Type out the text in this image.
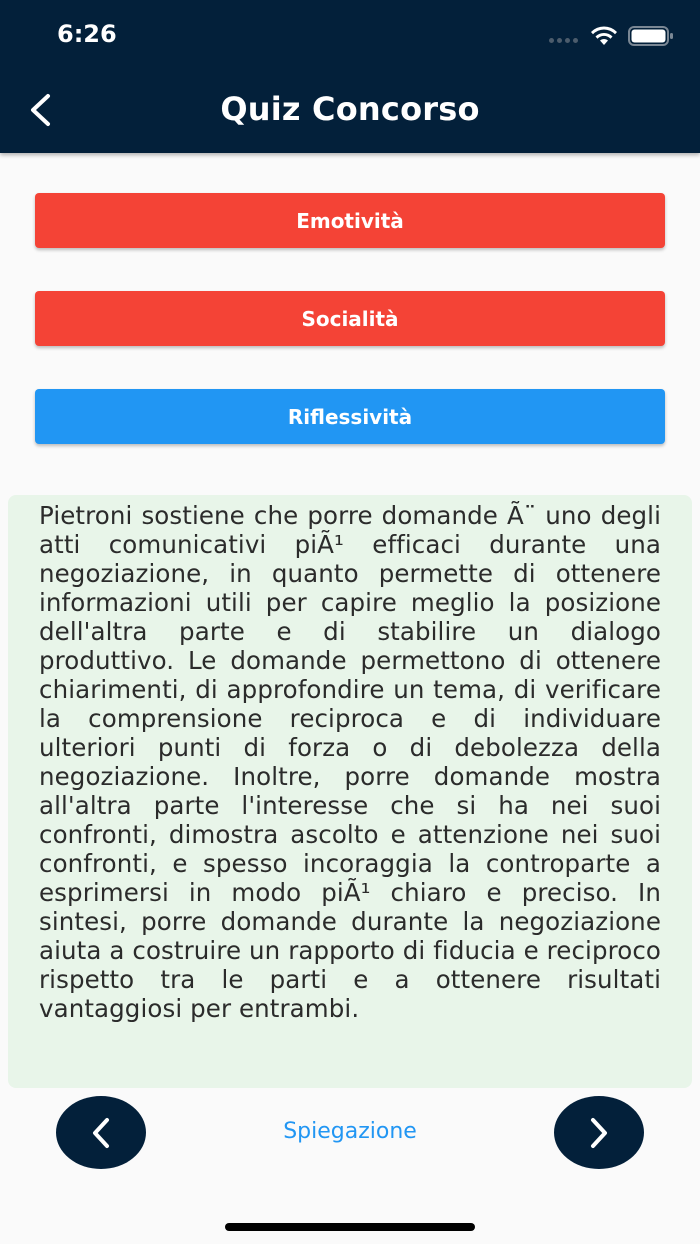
6:26
Quiz Concorso
Emotività
Socialità
Riflessività

Pietroni sostiene che porre domande Ã¨ uno degli atti comunicativi piÃ¹ efficaci durante una negoziazione, in quanto permette di ottenere informazioni utili per capire meglio la posizione dell'altra parte e di stabilire un dialogo produttivo. Le domande permettono di ottenere chiarimenti, di approfondire un tema, di verificare la comprensione reciproca e di individuare ulteriori punti di forza o di debolezza della negoziazione. Inoltre, porre domande mostra all'altra parte l'interesse che si ha nei suoi confronti, dimostra ascolto e attenzione nei suoi confronti, e spesso incoraggia la controparte a esprimersi in modo piÃ¹ chiaro e preciso. In sintesi, porre domande durante la negoziazione aiuta a costruire un rapporto di fiducia e reciproco rispetto tra le parti e a ottenere risultati vantaggiosi per entrambi.

Spiegazione
